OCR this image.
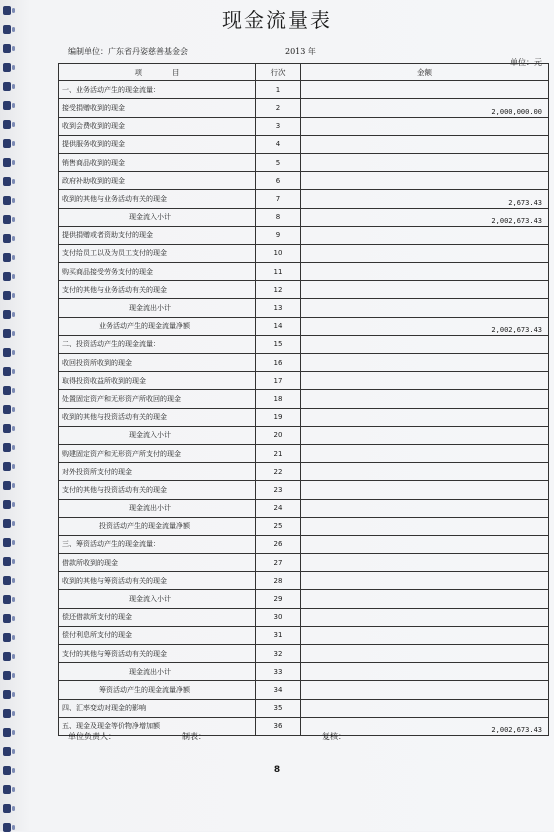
现金流量表
编制单位：广东省丹姿慈善基金会	2013 年
单位：元
项　　　　目	行次	金额
一、业务活动产生的现金流量：	1	
接受捐赠收到的现金	2	2,000,000.00
收到会费收到的现金	3	
提供服务收到的现金	4	
销售商品收到的现金	5	
政府补助收到的现金	6	
收到的其他与业务活动有关的现金	7	2,673.43
现金流入小计	8	2,002,673.43
提供捐赠或者资助支付的现金	9	
支付给员工以及为员工支付的现金	10	
购买商品接受劳务支付的现金	11	
支付的其他与业务活动有关的现金	12	
现金流出小计	13	
业务活动产生的现金流量净额	14	2,002,673.43
二、投资活动产生的现金流量：	15	
收回投资所收到的现金	16	
取得投资收益所收到的现金	17	
处置固定资产和无形资产所收回的现金	18	
收到的其他与投资活动有关的现金	19	
现金流入小计	20	
购建固定资产和无形资产所支付的现金	21	
对外投资所支付的现金	22	
支付的其他与投资活动有关的现金	23	
现金流出小计	24	
投资活动产生的现金流量净额	25	
三、筹资活动产生的现金流量：	26	
借款所收到的现金	27	
收到的其他与筹资活动有关的现金	28	
现金流入小计	29	
偿还借款所支付的现金	30	
偿付利息所支付的现金	31	
支付的其他与筹资活动有关的现金	32	
现金流出小计	33	
筹资活动产生的现金流量净额	34	
四、汇率变动对现金的影响	35	
五、现金及现金等价物净增加额	36	2,002,673.43
单位负责人：	制表：	复核：
8
